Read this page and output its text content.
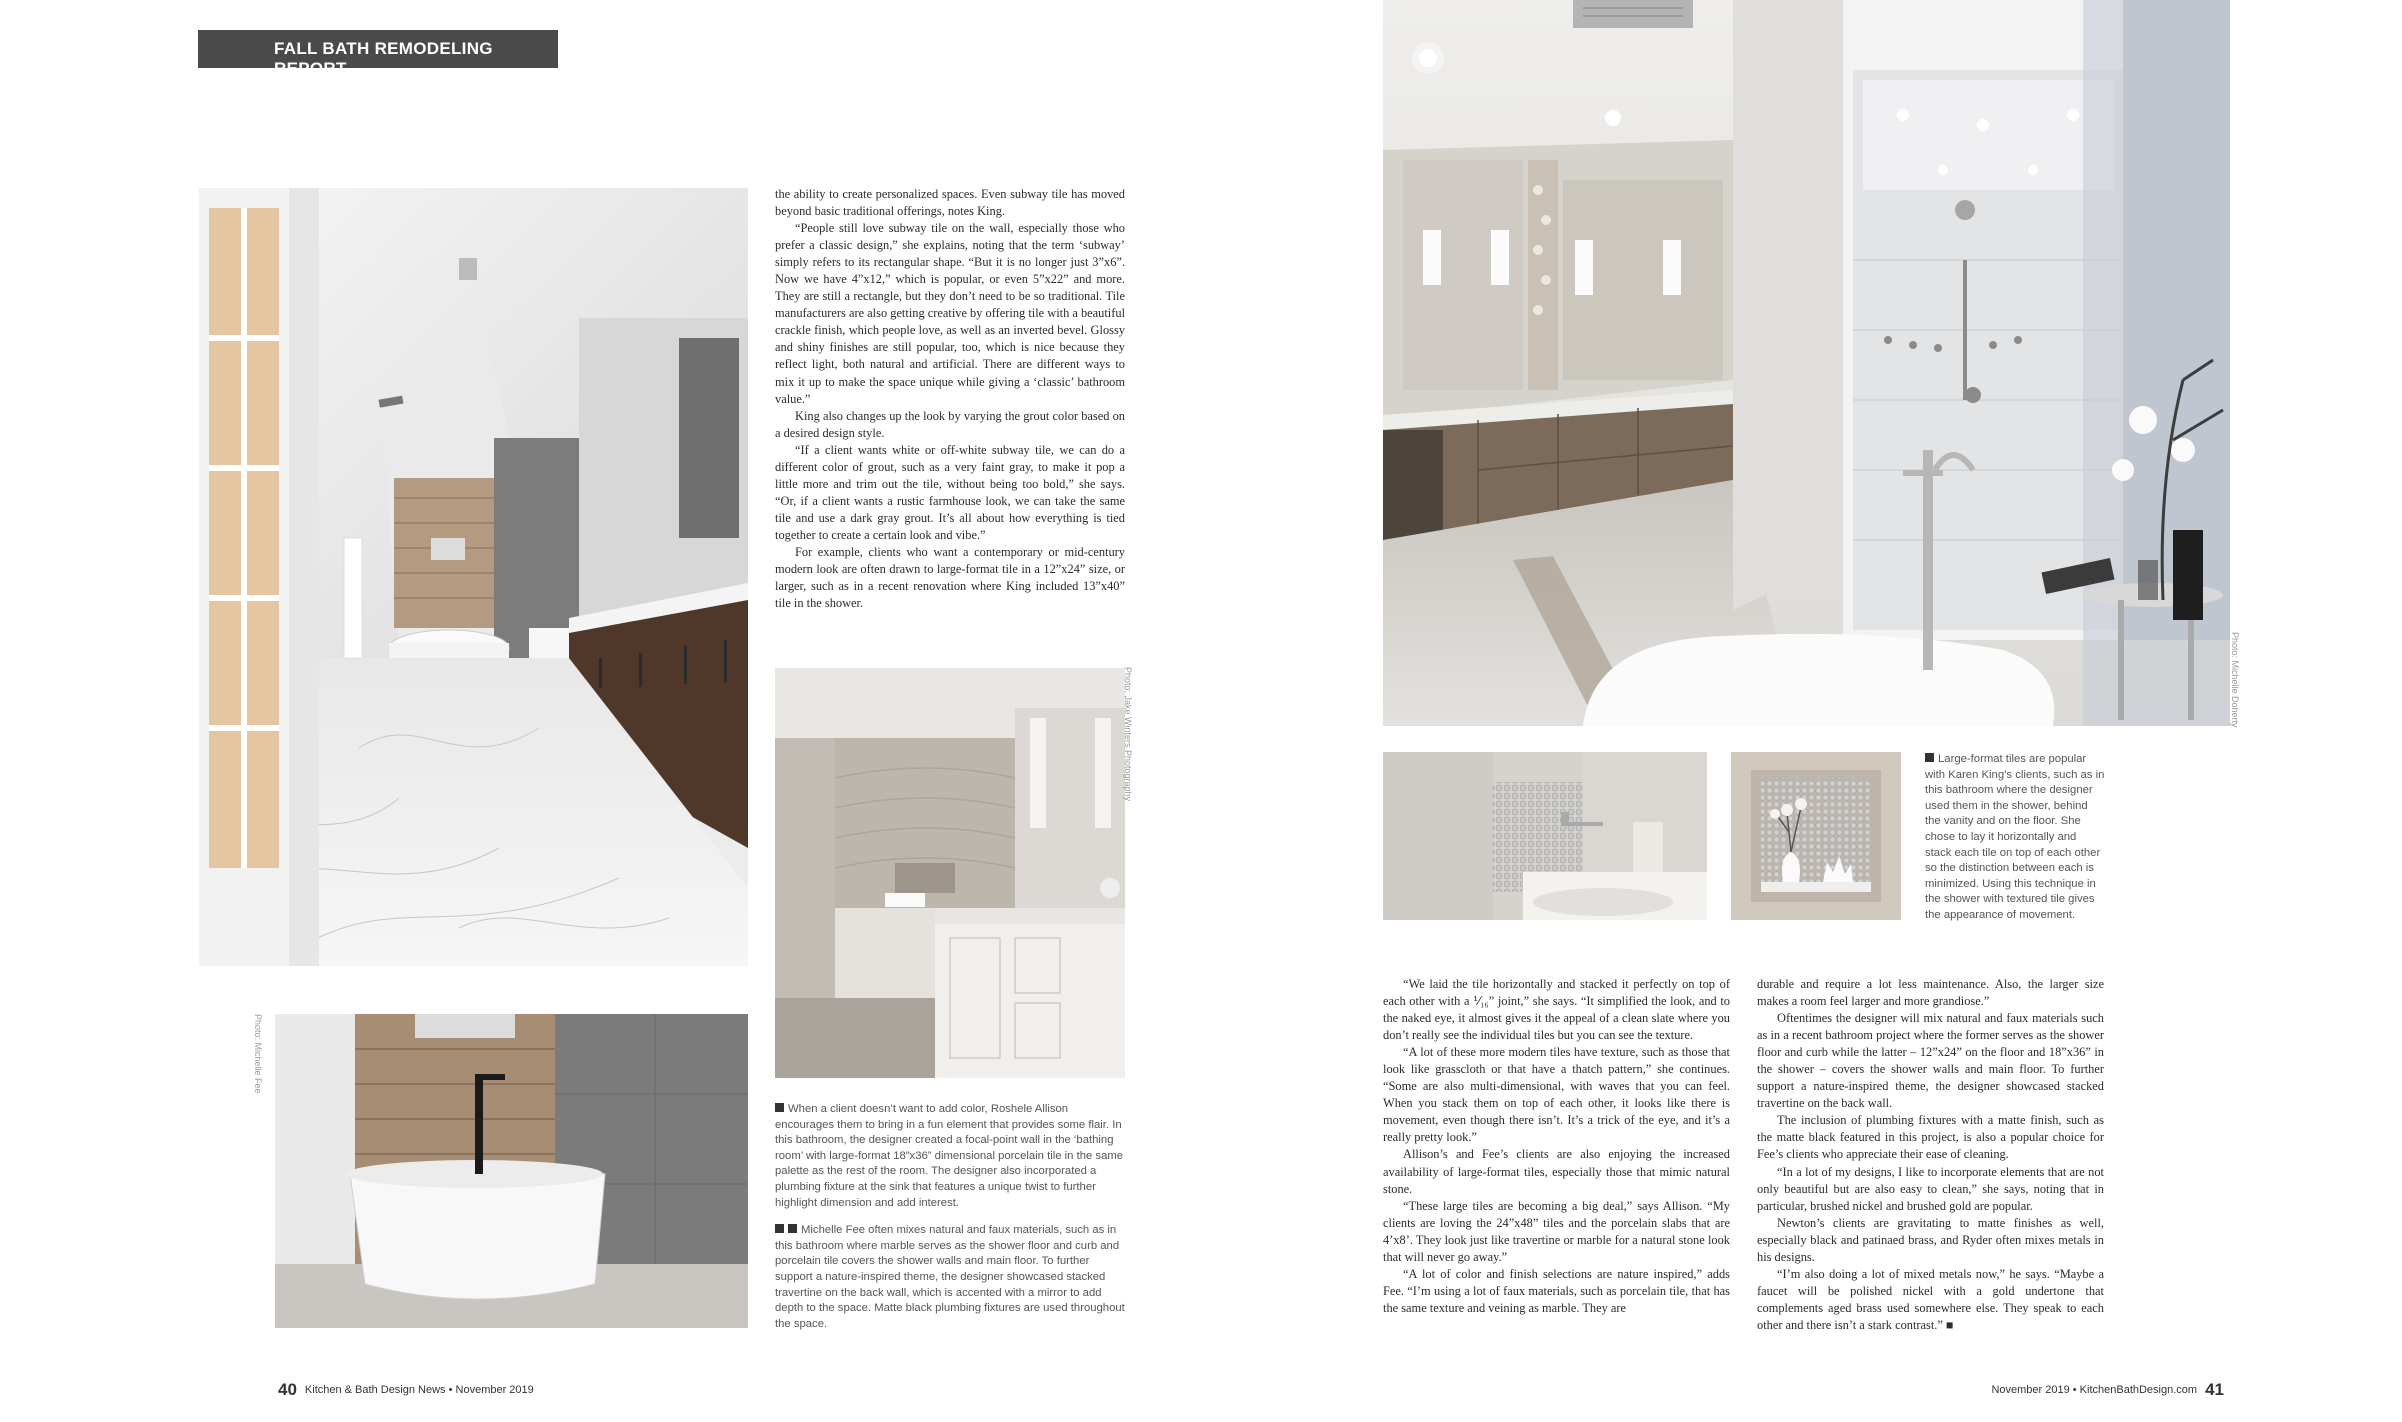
FALL BATH REMODELING REPORT
Photo: Jake Winters Photography
Photo: Michelle Fee
Photo: Michelle Doherty

the ability to create personalized spaces. Even subway tile has moved beyond basic traditional offerings, notes King.

“People still love subway tile on the wall, especially those who prefer a classic design,” she explains, noting that the term ‘subway’ simply refers to its rectangular shape. “But it is no longer just 3”x6”. Now we have 4”x12,” which is popular, or even 5”x22” and more. They are still a rectangle, but they don’t need to be so traditional. Tile manufacturers are also getting creative by offering tile with a beautiful crackle finish, which people love, as well as an inverted bevel. Glossy and shiny finishes are still popular, too, which is nice because they reflect light, both natural and artificial. There are different ways to mix it up to make the space unique while giving a ‘classic’ bathroom value.”

King also changes up the look by varying the grout color based on a desired design style.

“If a client wants white or off-white subway tile, we can do a different color of grout, such as a very faint gray, to make it pop a little more and trim out the tile, without being too bold,” she says. “Or, if a client wants a rustic farmhouse look, we can take the same tile and use a dark gray grout. It’s all about how everything is tied together to create a certain look and vibe.”

For example, clients who want a contemporary or mid-century modern look are often drawn to large-format tile in a 12”x24” size, or larger, such as in a recent renovation where King included 13”x40” tile in the shower.

When a client doesn’t want to add color, Roshele Allison encourages them to bring in a fun element that provides some flair. In this bathroom, the designer created a focal-point wall in the ‘bathing room’ with large-format 18”x36” dimensional porcelain tile in the same palette as the rest of the room. The designer also incorporated a plumbing fixture at the sink that features a unique twist to further highlight dimension and add interest.

Michelle Fee often mixes natural and faux materials, such as in this bathroom where marble serves as the shower floor and curb and porcelain tile covers the shower walls and main floor. To further support a nature-inspired theme, the designer showcased stacked travertine on the back wall, which is accented with a mirror to add depth to the space. Matte black plumbing fixtures are used throughout the space.

Large-format tiles are popular with Karen King’s clients, such as in this bathroom where the designer used them in the shower, behind the vanity and on the floor. She chose to lay it horizontally and stack each tile on top of each other so the distinction between each is minimized. Using this technique in the shower with textured tile gives the appearance of movement.

“We laid the tile horizontally and stacked it perfectly on top of each other with a ⅟₁₆” joint,” she says. “It simplified the look, and to the naked eye, it almost gives it the appeal of a clean slate where you don’t really see the individual tiles but you can see the texture.

“A lot of these more modern tiles have texture, such as those that look like grasscloth or that have a thatch pattern,” she continues. “Some are also multi-dimensional, with waves that you can feel. When you stack them on top of each other, it looks like there is movement, even though there isn’t. It’s a trick of the eye, and it’s a really pretty look.”

Allison’s and Fee’s clients are also enjoying the increased availability of large-format tiles, especially those that mimic natural stone.

“These large tiles are becoming a big deal,” says Allison. “My clients are loving the 24”x48” tiles and the porcelain slabs that are 4’x8’. They look just like travertine or marble for a natural stone look that will never go away.”

“A lot of color and finish selections are nature inspired,” adds Fee. “I’m using a lot of faux materials, such as porcelain tile, that has the same texture and veining as marble. They are

durable and require a lot less maintenance. Also, the larger size makes a room feel larger and more grandiose.”

Oftentimes the designer will mix natural and faux materials such as in a recent bathroom project where the former serves as the shower floor and curb while the latter – 12”x24” on the floor and 18”x36” in the shower – covers the shower walls and main floor. To further support a nature-inspired theme, the designer showcased stacked travertine on the back wall.

The inclusion of plumbing fixtures with a matte finish, such as the matte black featured in this project, is also a popular choice for Fee’s clients who appreciate their ease of cleaning.

“In a lot of my designs, I like to incorporate elements that are not only beautiful but are also easy to clean,” she says, noting that in particular, brushed nickel and brushed gold are popular.

Newton’s clients are gravitating to matte finishes as well, especially black and patinaed brass, and Ryder often mixes metals in his designs.

“I’m also doing a lot of mixed metals now,” he says. “Maybe a faucet will be polished nickel with a gold undertone that complements aged brass used somewhere else. They speak to each other and there isn’t a stark contrast.” ■

40 Kitchen & Bath Design News • November 2019	November 2019 • KitchenBathDesign.com 41
